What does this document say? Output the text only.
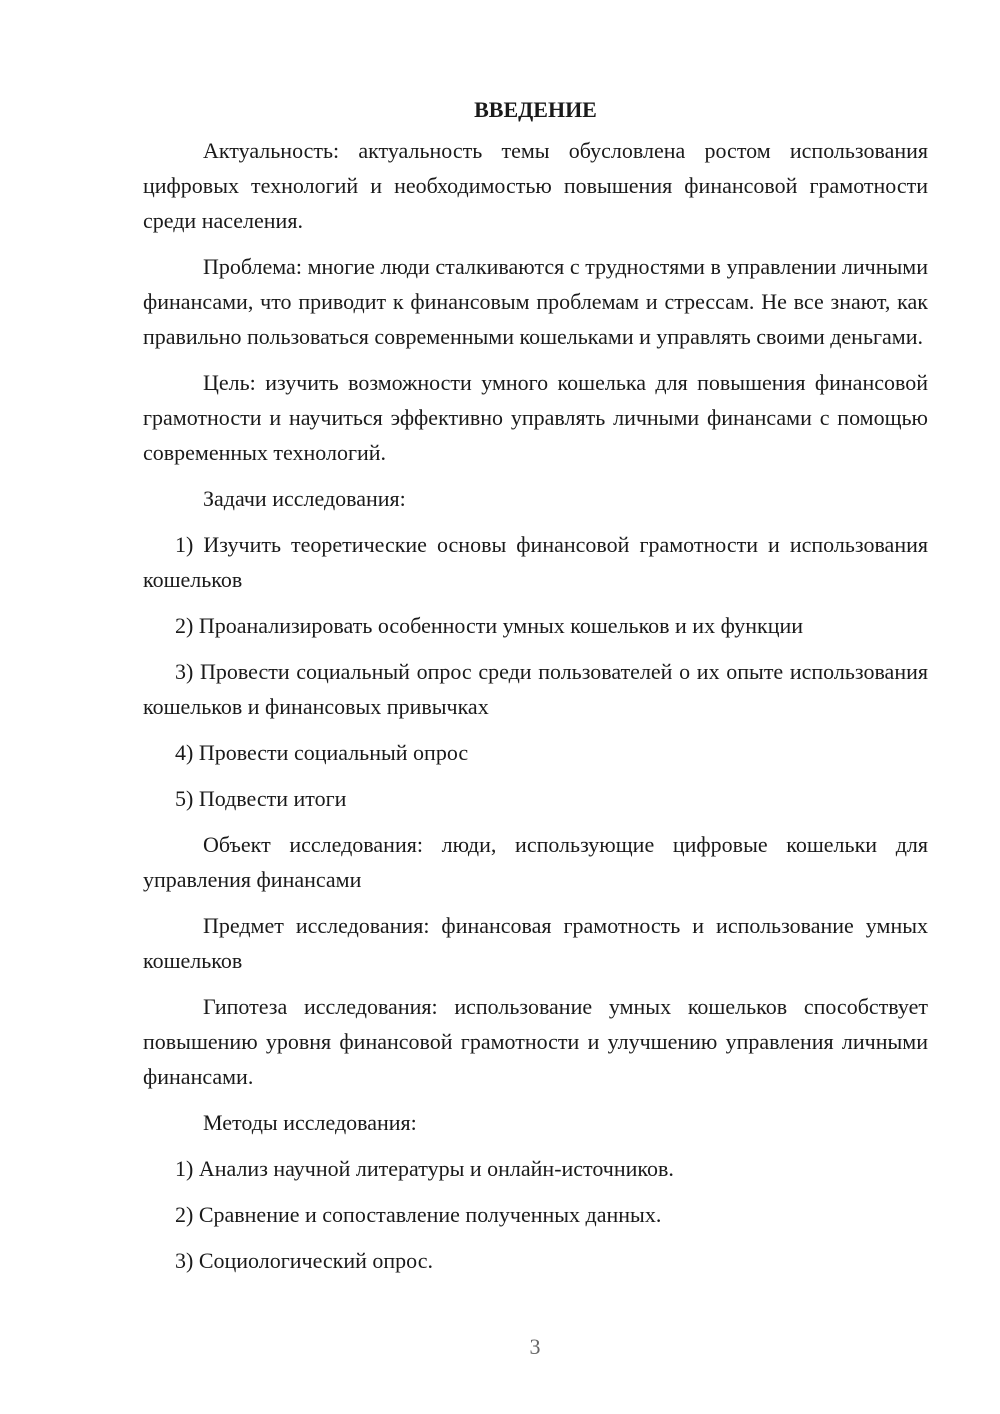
ВВЕДЕНИЕ

Актуальность: актуальность темы обусловлена ростом использования цифровых технологий и необходимостью повышения финансовой грамотности среди населения.

Проблема: многие люди сталкиваются с трудностями в управлении личными финансами, что приводит к финансовым проблемам и стрессам. Не все знают, как правильно пользоваться современными кошельками и управлять своими деньгами.

Цель: изучить возможности умного кошелька для повышения финансовой грамотности и научиться эффективно управлять личными финансами с помощью современных технологий.

Задачи исследования:

1) Изучить теоретические основы финансовой грамотности и использования кошельков

2) Проанализировать особенности умных кошельков и их функции

3) Провести социальный опрос среди пользователей о их опыте использования кошельков и финансовых привычках

4) Провести социальный опрос

5) Подвести итоги

Объект исследования: люди, использующие цифровые кошельки для управления финансами

Предмет исследования: финансовая грамотность и использование умных кошельков

Гипотеза исследования: использование умных кошельков способствует повышению уровня финансовой грамотности и улучшению управления личными финансами.

Методы исследования:

1) Анализ научной литературы и онлайн-источников.

2) Сравнение и сопоставление полученных данных.

3) Социологический опрос.

3
